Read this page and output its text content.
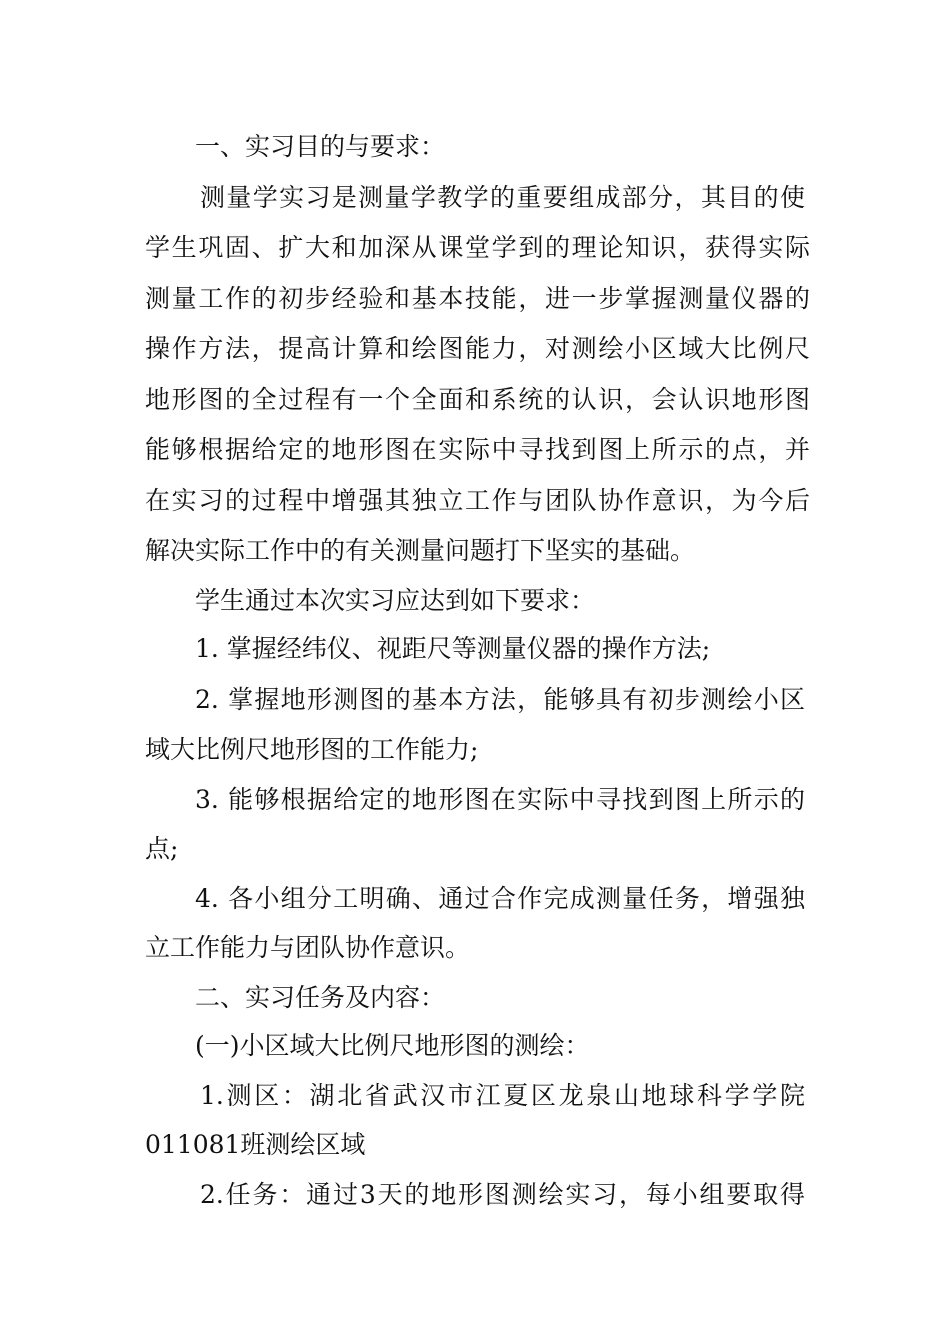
一、实习目的与要求：
测量学实习是测量学教学的重要组成部分，其目的使
学生巩固、扩大和加深从课堂学到的理论知识，获得实际
测量工作的初步经验和基本技能，进一步掌握测量仪器的
操作方法，提高计算和绘图能力，对测绘小区域大比例尺
地形图的全过程有一个全面和系统的认识，会认识地形图
能够根据给定的地形图在实际中寻找到图上所示的点，并
在实习的过程中增强其独立工作与团队协作意识，为今后
解决实际工作中的有关测量问题打下坚实的基础。
学生通过本次实习应达到如下要求：
1. 掌握经纬仪、视距尺等测量仪器的操作方法;
2. 掌握地形测图的基本方法，能够具有初步测绘小区
域大比例尺地形图的工作能力;
3. 能够根据给定的地形图在实际中寻找到图上所示的
点;
4. 各小组分工明确、通过合作完成测量任务，增强独
立工作能力与团队协作意识。
二、实习任务及内容：
(一)小区域大比例尺地形图的测绘：
1.测区：湖北省武汉市江夏区龙泉山地球科学学院
011081班测绘区域
2.任务：通过3天的地形图测绘实习，每小组要取得
